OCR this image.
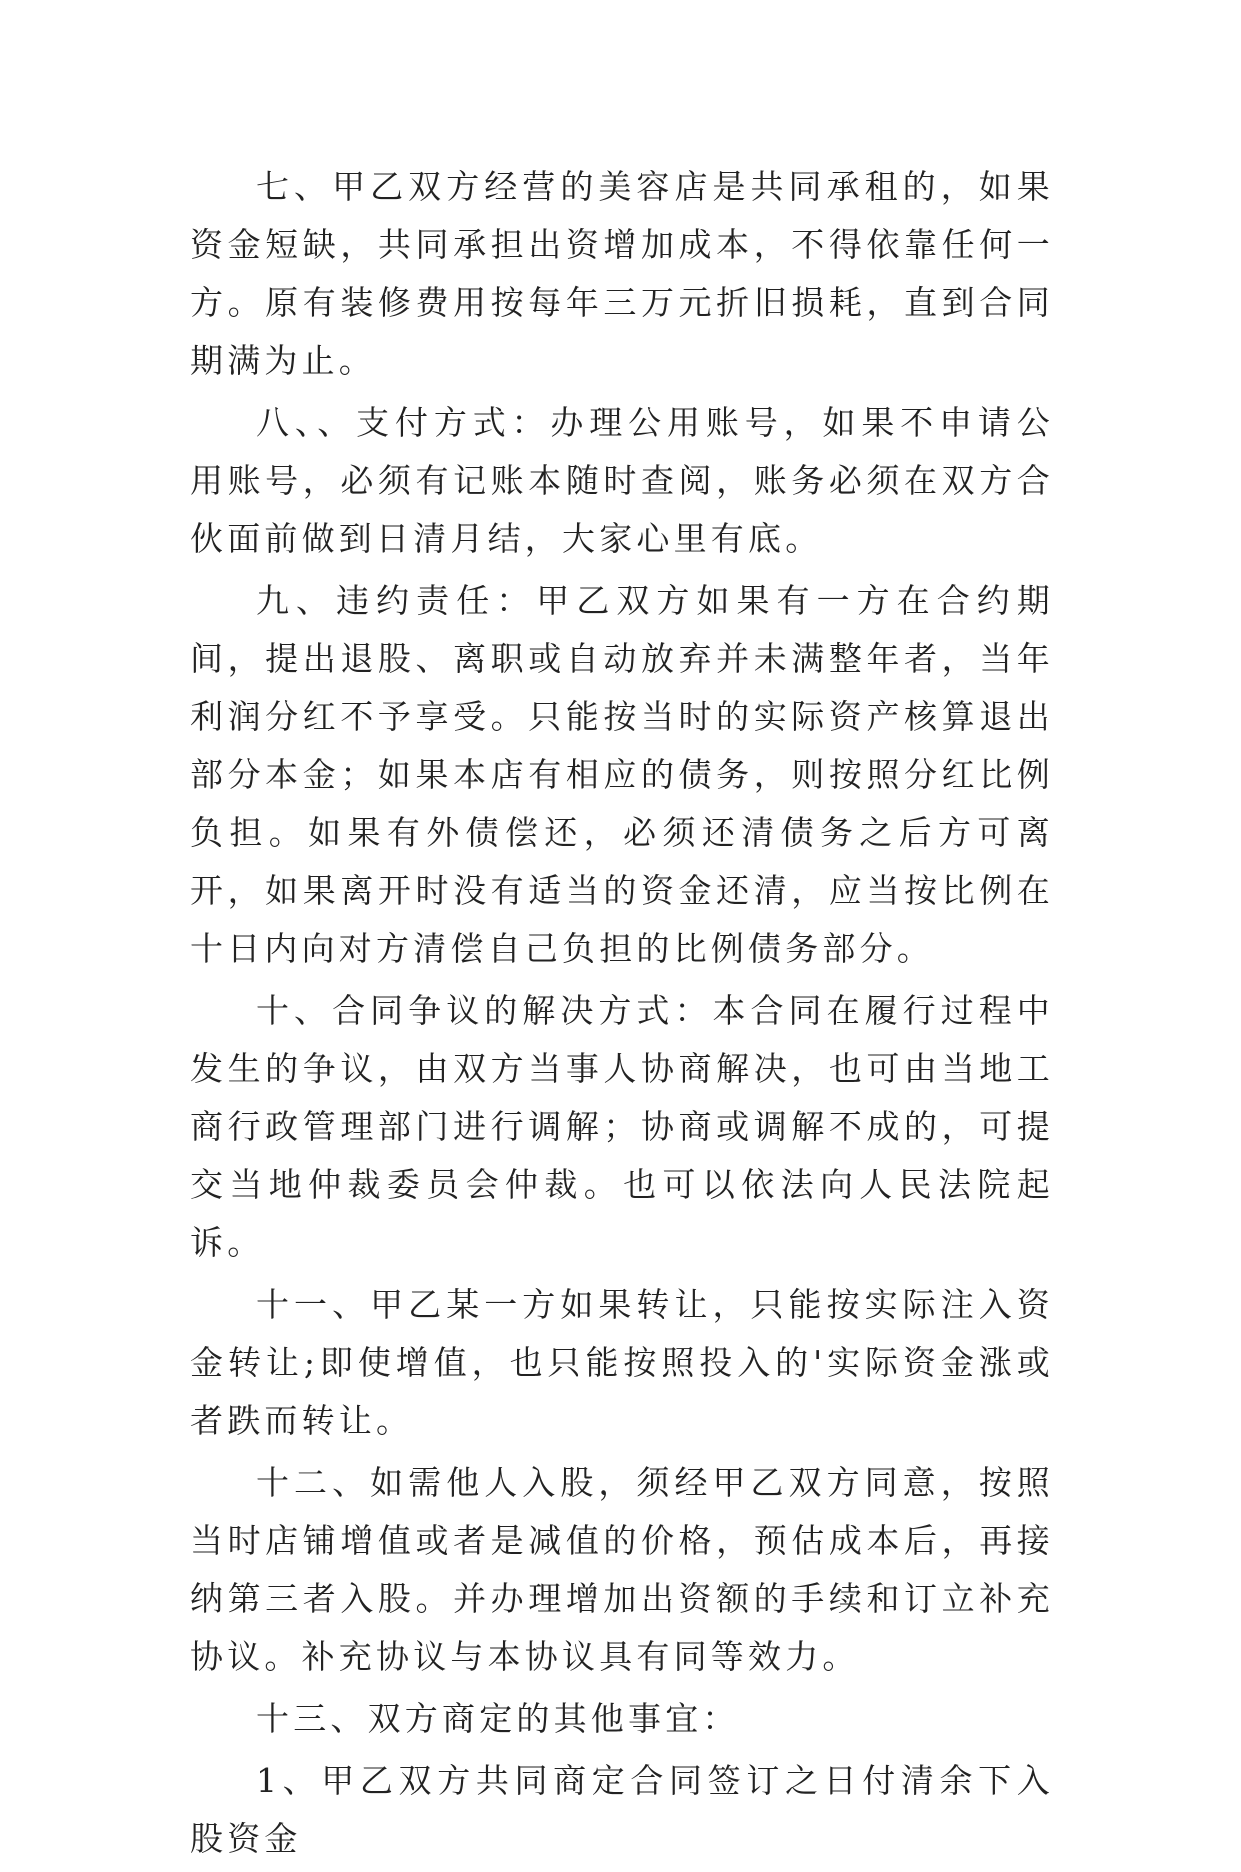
七、甲乙双方经营的美容店是共同承租的，如果资金短缺，共同承担出资增加成本，不得依靠任何一方。原有装修费用按每年三万元折旧损耗，直到合同期满为止。

八、、支付方式：办理公用账号，如果不申请公用账号，必须有记账本随时查阅，账务必须在双方合伙面前做到日清月结，大家心里有底。

九、违约责任：甲乙双方如果有一方在合约期间，提出退股、离职或自动放弃并未满整年者，当年利润分红不予享受。只能按当时的实际资产核算退出部分本金；如果本店有相应的债务，则按照分红比例负担。如果有外债偿还，必须还清债务之后方可离开，如果离开时没有适当的资金还清，应当按比例在十日内向对方清偿自己负担的比例债务部分。

十、合同争议的解决方式：本合同在履行过程中发生的争议，由双方当事人协商解决，也可由当地工商行政管理部门进行调解；协商或调解不成的，可提交当地仲裁委员会仲裁。也可以依法向人民法院起诉。

十一、甲乙某一方如果转让，只能按实际注入资金转让;即使增值，也只能按照投入的'实际资金涨或者跌而转让。

十二、如需他人入股，须经甲乙双方同意，按照当时店铺增值或者是减值的价格，预估成本后，再接纳第三者入股。并办理增加出资额的手续和订立补充协议。补充协议与本协议具有同等效力。

十三、双方商定的其他事宜：

1、甲乙双方共同商定合同签订之日付清余下入股资金
